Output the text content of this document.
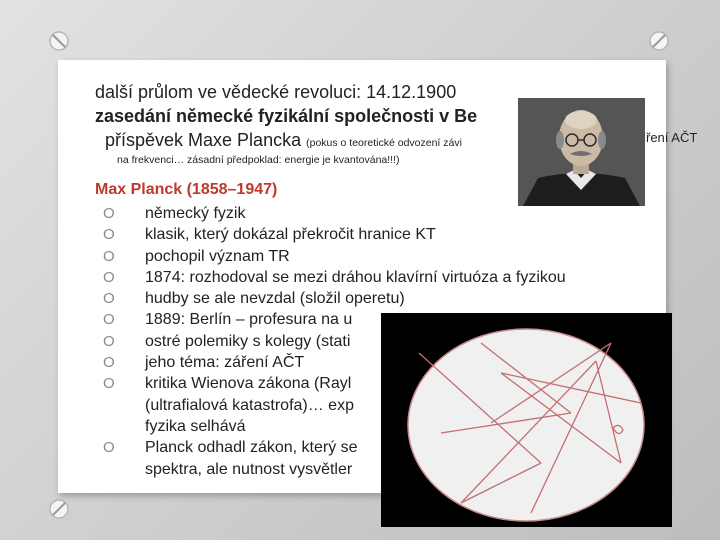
další průlom ve vědecké revoluci: 14.12.1900
zasedání německé fyzikální společnosti v Be
příspěvek Maxe Plancka (pokus o teoretické odvození závi
na frekvenci… zásadní předpoklad: energie je kvantována!!!)
ření AČT
Max Planck (1858–1947)
O německý fyzik
O klasik, který dokázal překročit hranice KT
O pochopil význam TR
O 1874: rozhodoval se mezi dráhou klavírní virtuóza a fyzikou
O hudby se ale nevzdal (složil operetu)
O 1889: Berlín – profesura na u
O ostré polemiky s kolegy (stati
O jeho téma: záření AČT
O kritika Wienova zákona (Rayl
(ultrafialová katastrofa)… exp
fyzika selhává
O Planck odhadl zákon, který se
spektra, ale nutnost vysvětler
